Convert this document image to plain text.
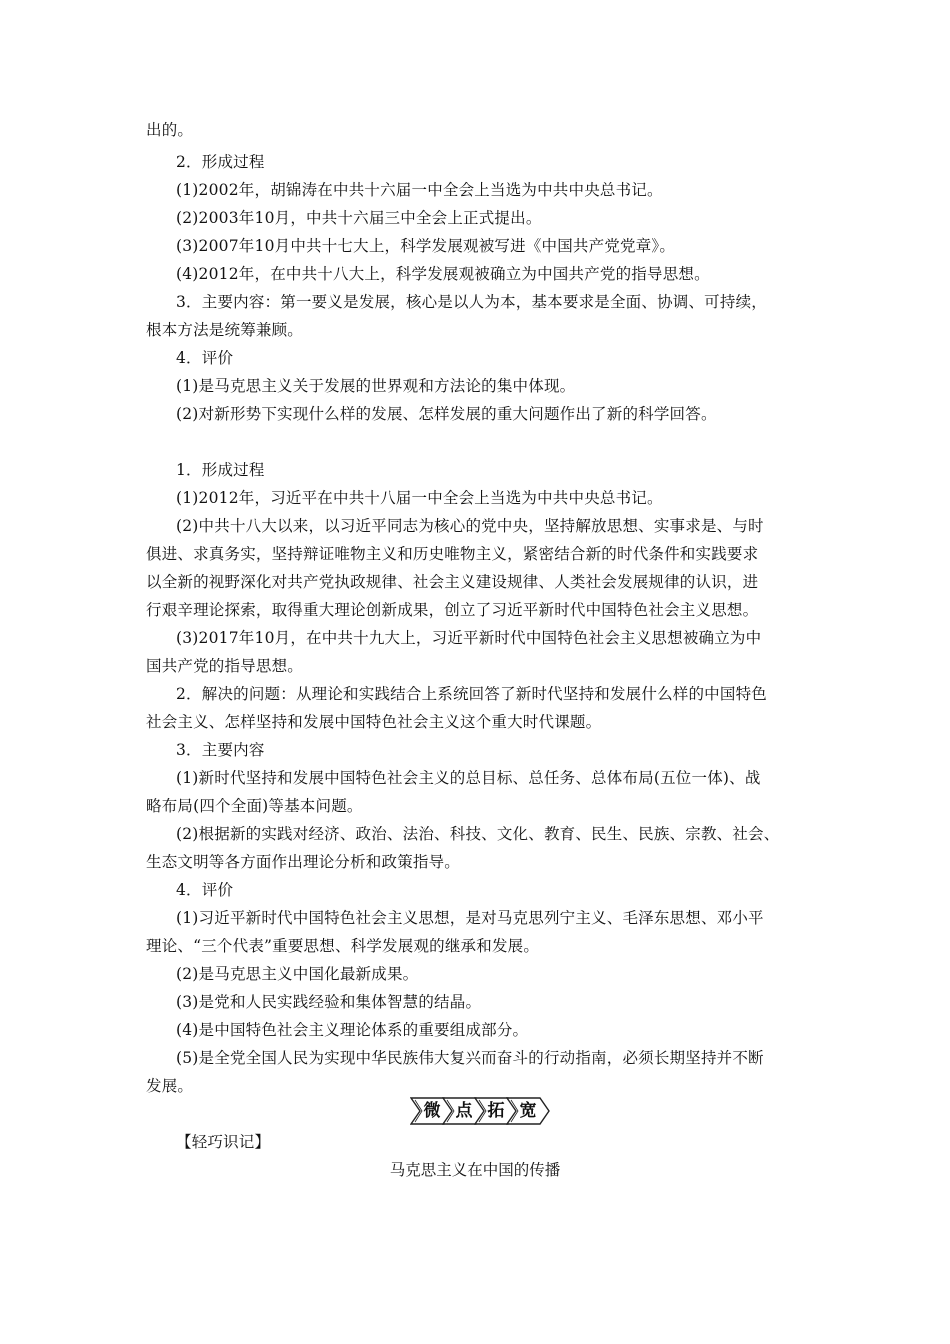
出的。
2．形成过程
(1)2002年，胡锦涛在中共十六届一中全会上当选为中共中央总书记。
(2)2003年10月，中共十六届三中全会上正式提出。
(3)2007年10月中共十七大上，科学发展观被写进《中国共产党党章》。
(4)2012年，在中共十八大上，科学发展观被确立为中国共产党的指导思想。
3．主要内容：第一要义是发展，核心是以人为本，基本要求是全面、协调、可持续，
根本方法是统筹兼顾。
4．评价
(1)是马克思主义关于发展的世界观和方法论的集中体现。
(2)对新形势下实现什么样的发展、怎样发展的重大问题作出了新的科学回答。
1．形成过程
(1)2012年，习近平在中共十八届一中全会上当选为中共中央总书记。
(2)中共十八大以来，以习近平同志为核心的党中央，坚持解放思想、实事求是、与时
俱进、求真务实，坚持辩证唯物主义和历史唯物主义，紧密结合新的时代条件和实践要求
以全新的视野深化对共产党执政规律、社会主义建设规律、人类社会发展规律的认识，进
行艰辛理论探索，取得重大理论创新成果，创立了习近平新时代中国特色社会主义思想。
(3)2017年10月，在中共十九大上，习近平新时代中国特色社会主义思想被确立为中
国共产党的指导思想。
2．解决的问题：从理论和实践结合上系统回答了新时代坚持和发展什么样的中国特色
社会主义、怎样坚持和发展中国特色社会主义这个重大时代课题。
3．主要内容
(1)新时代坚持和发展中国特色社会主义的总目标、总任务、总体布局(五位一体)、战
略布局(四个全面)等基本问题。
(2)根据新的实践对经济、政治、法治、科技、文化、教育、民生、民族、宗教、社会、
生态文明等各方面作出理论分析和政策指导。
4．评价
(1)习近平新时代中国特色社会主义思想，是对马克思列宁主义、毛泽东思想、邓小平
理论、“三个代表”重要思想、科学发展观的继承和发展。
(2)是马克思主义中国化最新成果。
(3)是党和人民实践经验和集体智慧的结晶。
(4)是中国特色社会主义理论体系的重要组成部分。
(5)是全党全国人民为实现中华民族伟大复兴而奋斗的行动指南，必须长期坚持并不断
发展。
微 点 拓 宽
【轻巧识记】
马克思主义在中国的传播
